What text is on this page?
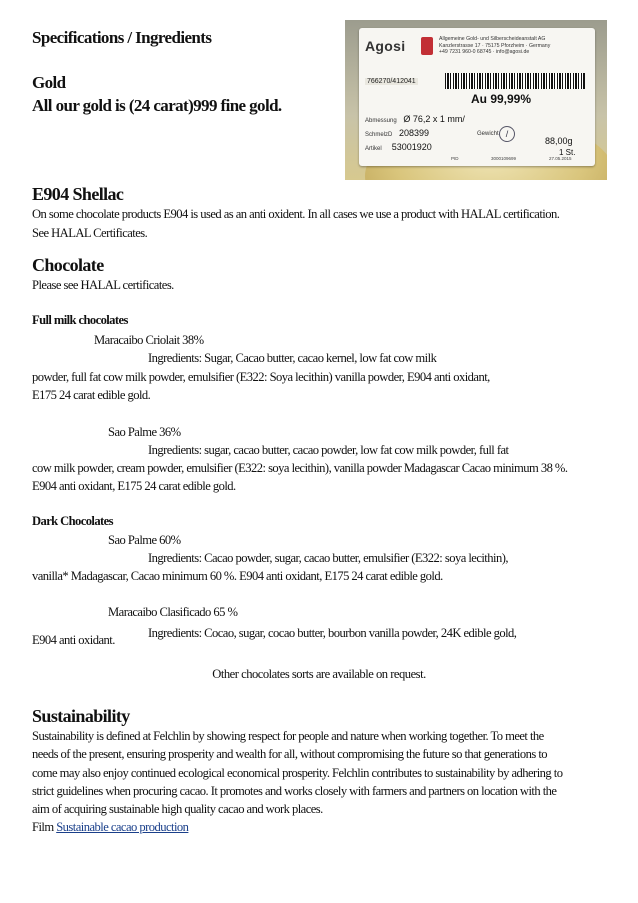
Specifications / Ingredients
Gold
All our gold is (24 carat)999 fine gold.
Agosi	Allgemeine Gold- und Silberscheideanstalt AG
Kanzlerstrasse 17 · 75175 Pforzheim · Germany
+49 7231 960-0 68745 · info@agosi.de
766270/412041
Au 99,99%
Abmessung Ø 76,2 x 1 mm/
SchmelzD 208399	Gewicht /
88,00g
Artikel 53001920
1 St.
PID	3000109699	27.05.2015
E904 Shellac
On some chocolate products E904 is used as an anti oxident. In all cases we use a product with HALAL certification.
See HALAL Certificates.
Chocolate
Please see HALAL certificates.
Full milk chocolates
Maracaibo Criolait 38%
Ingredients: Sugar, Cacao butter, cacao kernel, low fat cow milk
powder, full fat cow milk powder, emulsifier (E322: Soya lecithin) vanilla powder, E904 anti oxidant,
E175 24 carat edible gold.
Sao Palme 36%
Ingredients: sugar, cacao butter, cacao powder, low fat cow milk powder, full fat
cow milk powder, cream powder, emulsifier (E322: soya lecithin), vanilla powder Madagascar Cacao minimum 38 %.
E904 anti oxidant, E175 24 carat edible gold.
Dark Chocolates
Sao Palme 60%
Ingredients: Cacao powder, sugar, cacao butter, emulsifier (E322: soya lecithin),
vanilla* Madagascar, Cacao minimum 60 %. E904 anti oxidant, E175 24 carat edible gold.
Maracaibo Clasificado 65 %
Ingredients: Cocao, sugar, cocao butter, bourbon vanilla powder, 24K edible gold,
E904 anti oxidant.
Other chocolates sorts are available on request.
Sustainability
Sustainability is defined at Felchlin by showing respect for people and nature when working together. To meet the
needs of the present, ensuring prosperity and wealth for all, without compromising the future so that generations to
come may also enjoy continued ecological economical prosperity. Felchlin contributes to sustainability by adhering to
strict guidelines when procuring cacao. It promotes and works closely with farmers and partners on location with the
aim of acquiring sustainable high quality cacao and work places.
Film Sustainable cacao production
